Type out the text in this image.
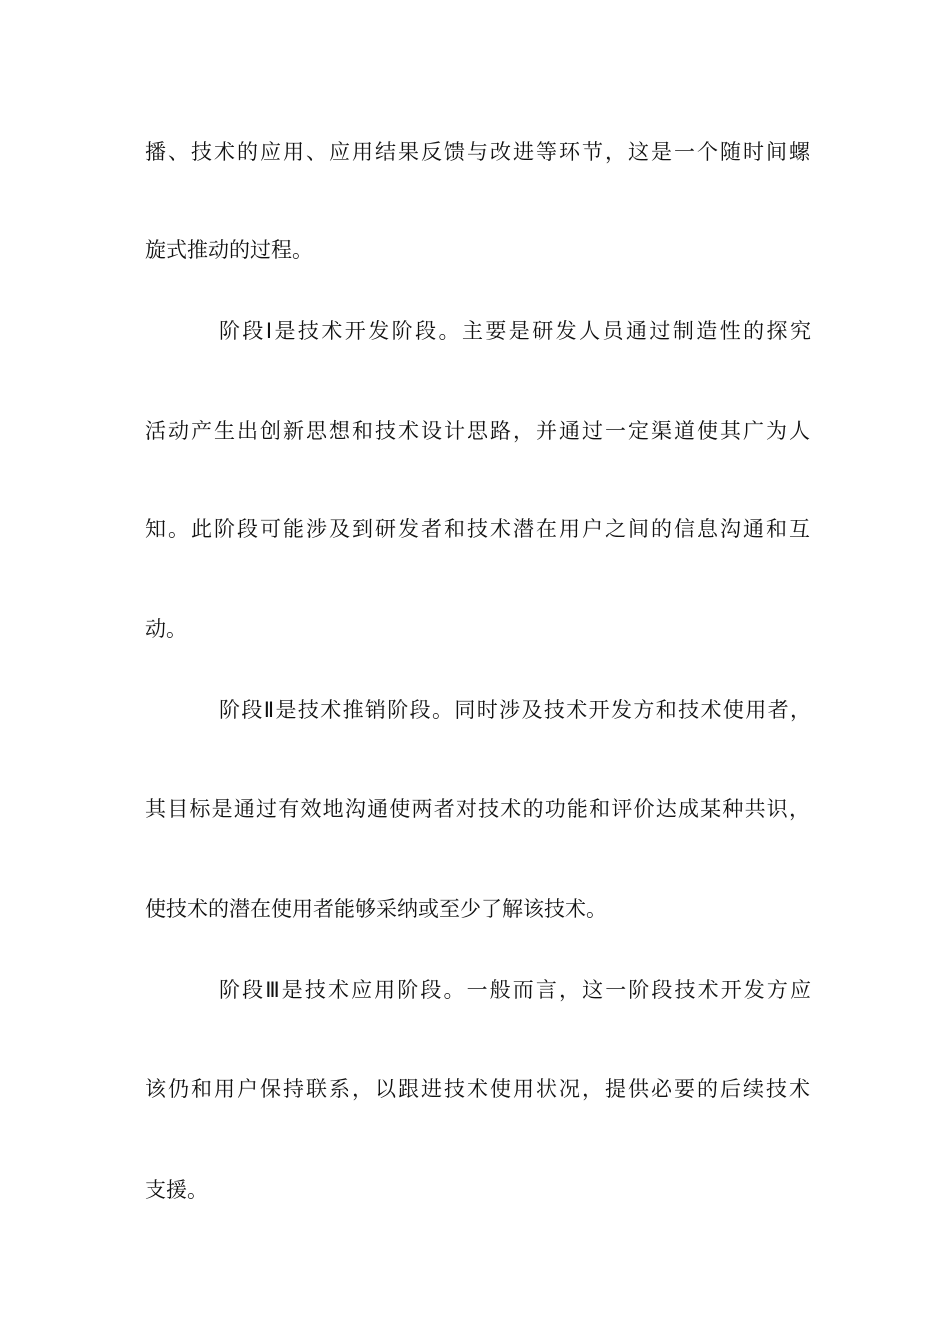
播、技术的应用、应用结果反馈与改进等环节，这是一个随时间螺
旋式推动的过程。
阶段Ⅰ是技术开发阶段。主要是研发人员通过制造性的探究
活动产生出创新思想和技术设计思路，并通过一定渠道使其广为人
知。此阶段可能涉及到研发者和技术潜在用户之间的信息沟通和互
动。
阶段Ⅱ是技术推销阶段。同时涉及技术开发方和技术使用者，
其目标是通过有效地沟通使两者对技术的功能和评价达成某种共识，
使技术的潜在使用者能够采纳或至少了解该技术。
阶段Ⅲ是技术应用阶段。一般而言，这一阶段技术开发方应
该仍和用户保持联系，以跟进技术使用状况，提供必要的后续技术
支援。
